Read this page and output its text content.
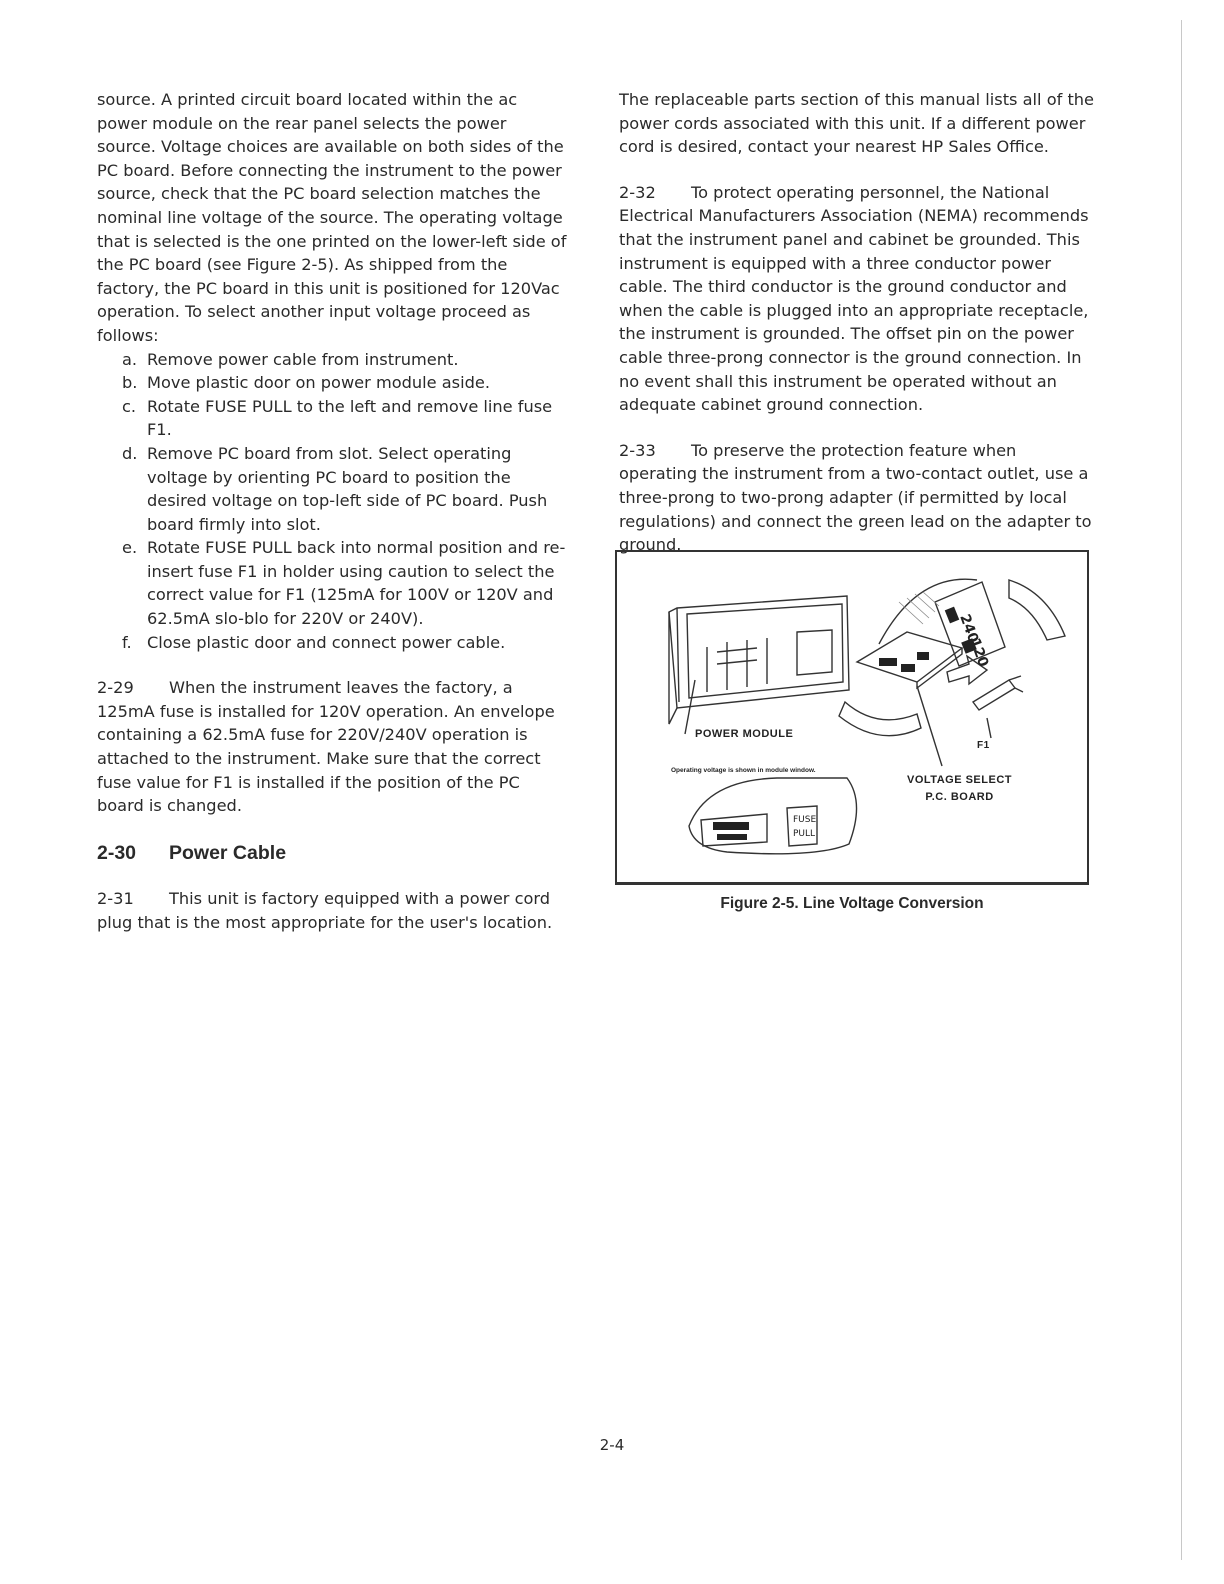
source. A printed circuit board located within the ac power module on the rear panel selects the power source. Voltage choices are available on both sides of the PC board. Before connecting the instrument to the power source, check that the PC board selection matches the nominal line voltage of the source. The operating voltage that is selected is the one printed on the lower-left side of the PC board (see Figure 2-5). As shipped from the factory, the PC board in this unit is positioned for 120Vac operation. To select another input voltage proceed as follows:

a. Remove power cable from instrument.
b. Move plastic door on power module aside.
c. Rotate FUSE PULL to the left and remove line fuse F1.
d. Remove PC board from slot. Select operating voltage by orienting PC board to position the desired voltage on top-left side of PC board. Push board firmly into slot.
e. Rotate FUSE PULL back into normal position and re-insert fuse F1 in holder using caution to select the correct value for F1 (125mA for 100V or 120V and 62.5mA slo-blo for 220V or 240V).
f. Close plastic door and connect power cable.

2-29 When the instrument leaves the factory, a 125mA fuse is installed for 120V operation. An envelope containing a 62.5mA fuse for 220V/240V operation is attached to the instrument. Make sure that the correct fuse value for F1 is installed if the position of the PC board is changed.

2-30 Power Cable

2-31 This unit is factory equipped with a power cord plug that is the most appropriate for the user's location.

The replaceable parts section of this manual lists all of the power cords associated with this unit. If a different power cord is desired, contact your nearest HP Sales Office.

2-32 To protect operating personnel, the National Electrical Manufacturers Association (NEMA) recommends that the instrument panel and cabinet be grounded. This instrument is equipped with a three conductor power cable. The third conductor is the ground conductor and when the cable is plugged into an appropriate receptacle, the instrument is grounded. The offset pin on the power cable three-prong connector is the ground connection. In no event shall this instrument be operated without an adequate cabinet ground connection.

2-33 To preserve the protection feature when operating the instrument from a two-contact outlet, use a three-prong to two-prong adapter (if permitted by local regulations) and connect the green lead on the adapter to ground.

240
120
FUSE
PULL
POWER MODULE
F1
Operating voltage is shown in module window.
VOLTAGE SELECT
P.C. BOARD
Figure 2-5. Line Voltage Conversion
2-4
